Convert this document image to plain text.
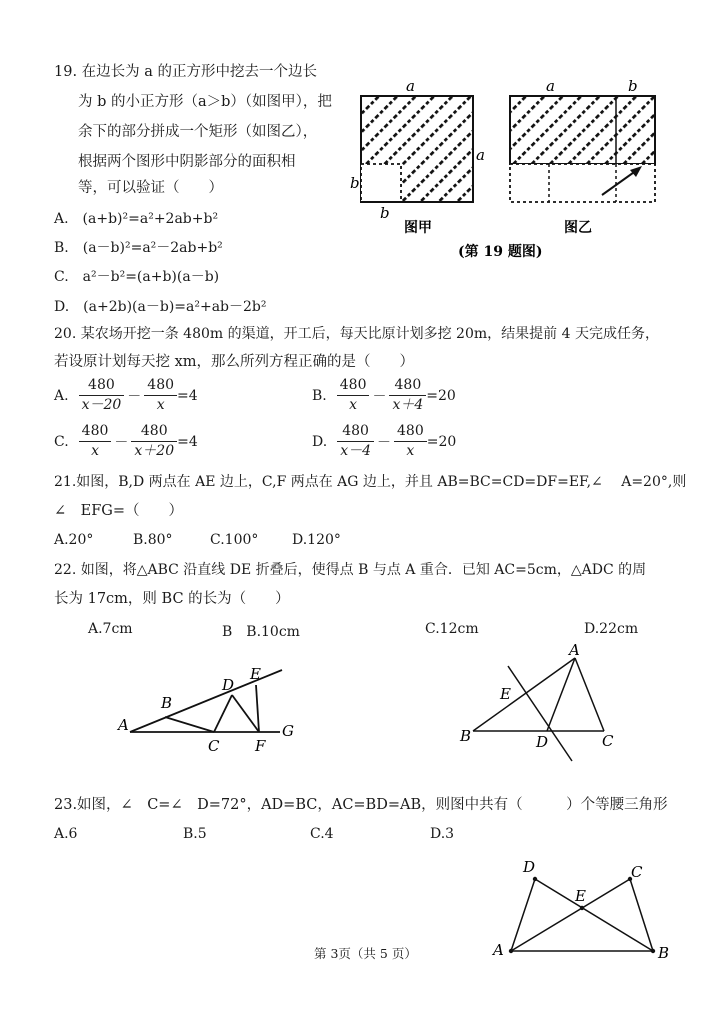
19. 在边长为 a 的正方形中挖去一个边长
为 b 的小正方形（a＞b）（如图甲），把
余下的部分拼成一个矩形（如图乙），
根据两个图形中阴影部分的面积相
等，可以验证（　　）
A.　(a+b)²=a²+2ab+b²
B.　(a－b)²=a²－2ab+b²
C.　a²－b²=(a+b)(a－b)
D.　(a+2b)(a－b)=a²+ab－2b²
a
a
b
b
图甲
a	b
图乙
(第 19 题图)
20. 某农场开挖一条 480m 的渠道，开工后，每天比原计划多挖 20m，结果提前 4 天完成任务，
若设原计划每天挖 xm，那么所列方程正确的是（　　）
A. $\frac{480}{x-20} - \frac{480}{x} =4$	B. $\frac{480}{x} - \frac{480}{x+4} =20$
C. $\frac{480}{x} - \frac{480}{x+20} =4$	D. $\frac{480}{x-4} - \frac{480}{x} =20$
21.如图，B,D 两点在 AE 边上，C,F 两点在 AG 边上，并且 AB=BC=CD=DF=EF,∠　 A=20°,则
∠　EFG=（　　）
A.20°	B.80°	C.100° D.120°
22. 如图，将△ABC 沿直线 DE 折叠后，使得点 B 与点 A 重合．已知 AC=5cm，△ADC 的周
长为 17cm，则 BC 的长为（　　）
A.7cm	B　B.10cm	C.12cm	D.22cm
A
B
C
D
E
F
G
A
B	C
D
E
23.如图，∠　C=∠　D=72°，AD=BC，AC=BD=AB，则图中共有（　　　）个等腰三角形
A.6	B.5	C.4	D.3
A	B
C
D
E
第 3页（共 5 页）
